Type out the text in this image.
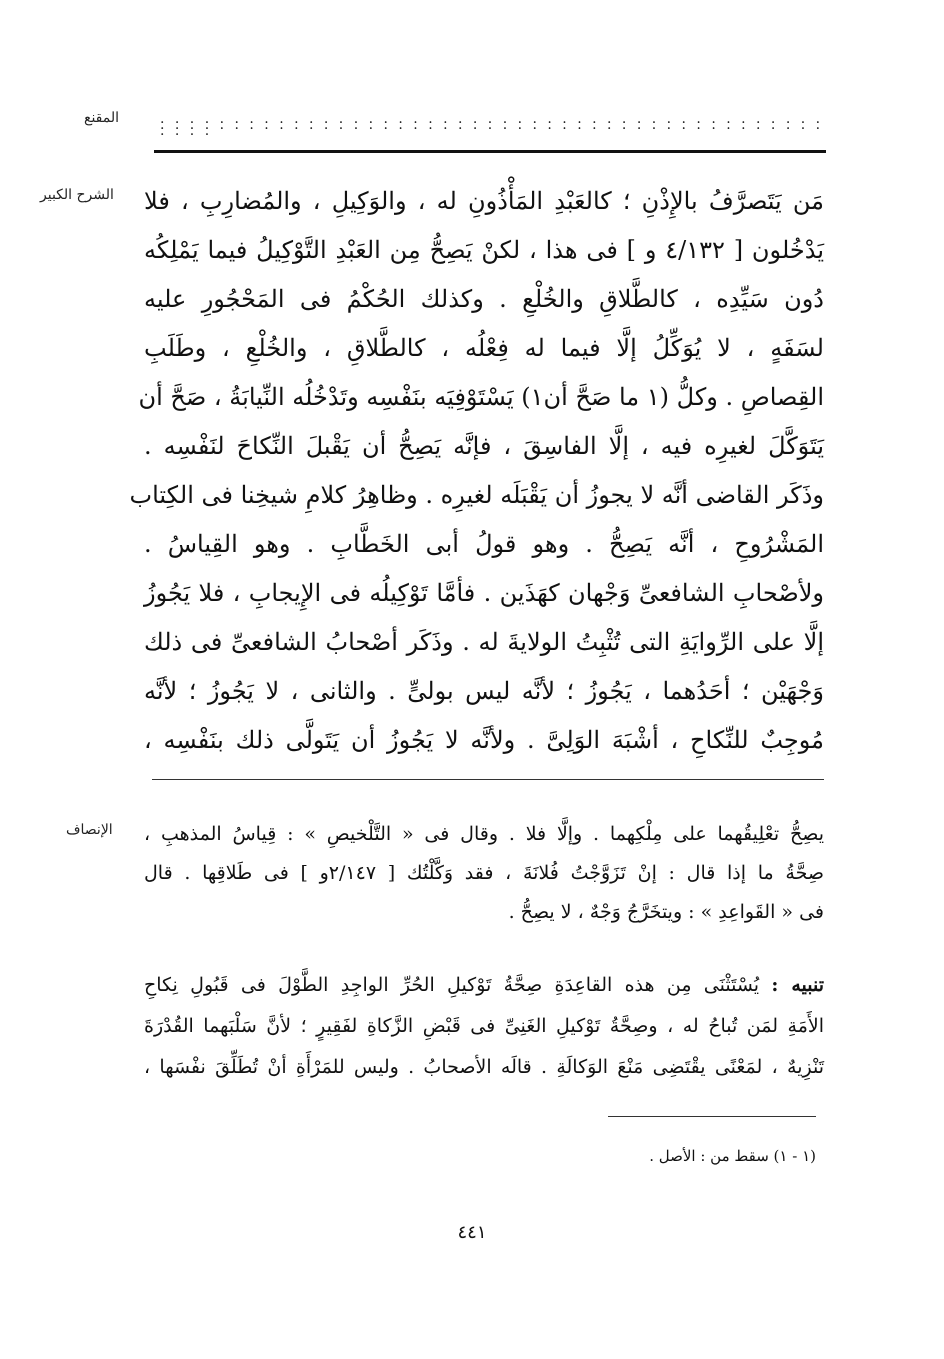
المقنع	. . . . . . . . . . . . . . . . . . . . . . . . . . . . . . . . . . . . . . . . . . . . . . . . . . . . . . . . . . . . . . . . . . . . . . . . . . . . . . . . . . . . . . . . . . . . . .
الشرح الكبير مَن يَتَصرَّفُ بالإِذْنِ ؛ كالعَبْدِ المَأْذُونِ له ، والوَكِيلِ ، والمُضارِبِ ، فلا
يَدْخُلون [ ٤/١٣٢ و ] فى هذا ، لكنْ يَصِحُّ مِن العَبْدِ التَّوْكِيلُ فيما يَمْلِكُه
دُون سَيِّدِه ، كالطَّلاقِ والخُلْعِ . وكذلك الحُكْمُ فى المَحْجُورِ عليه
لسَفَهٍ ، لا يُوَكِّلُ إلَّا فيما له فِعْلُه ، كالطَّلاقِ ، والخُلْعِ ، وطَلَبِ
القِصاصِ . وكلُّ (١ ما صَحَّ أن١) يَسْتَوْفِيَه بنَفْسِه وتَدْخُلُه النِّيابَةُ ، صَحَّ أن
يَتَوَكَّلَ لغيرِه فيه ، إلَّا الفاسِقَ ، فإنَّه يَصِحُّ أن يَقْبلَ النِّكاحَ لنَفْسِه .
وذَكَر القاضى أنَّه لا يجوزُ أن يَقْبَلَه لغيرِه . وظاهِرُ كلامِ شيخِنا فى الكِتاب
المَشْرُوحِ ، أنَّه يَصِحُّ . وهو قولُ أبى الخَطَّابِ . وهو القِياسُ .
ولأصْحابِ الشافعىِّ وَجْهان كهَذَين . فأمَّا تَوْكِيلُه فى الإِيجابِ ، فلا يَجُوزُ
إلَّا على الرِّوايَةِ التى تُثْبِتُ الولايةَ له . وذَكَر أصْحابُ الشافعىِّ فى ذلك
وَجْهَيْن ؛ أحَدُهما ، يَجُوزُ ؛ لأنَّه ليس بولىٍّ . والثانى ، لا يَجُوزُ ؛ لأنَّه
مُوجِبٌ للنِّكاحِ ، أشْبَهَ الوَلِىَّ . ولأنَّه لا يَجُوزُ أن يَتَولَّى ذلك بنَفْسِه ،
الإنصاف يصِحُّ تعْلِيقُهما على مِلْكِهما . وإلَّا فلا . وقال فى « التَّلْخيصِ » : قِياسُ المذهبِ ،
صِحَّةُ ما إذا قال : إنْ تَزَوَّجْتُ فُلانَةَ ، فقد وَكَّلْتُك [ ٢/١٤٧و ] فى طَلاقِها . قال
فى « القَواعِدِ » : ويتخَرَّجُ وَجْهٌ ، لا يصِحُّ .
تنبيه : يُسْتَثْنَى مِن هذه القاعِدَةِ صِحَّةُ تَوْكيلِ الحُرِّ الواجِدِ الطَّوْلَ فى قَبُولِ نِكاحِ
الأَمَةِ لمَن تُباحُ له ، وصِحَّةُ تَوْكيلِ الغَنِىِّ فى قَبْضِ الزَّكاةِ لفَقِيرٍ ؛ لأنَّ سَلْبَهما القُدْرَةَ
تَنْزِيهٌ ، لمَعْنًى يقْتَضِى مَنْعَ الوَكالَةِ . قالَه الأصحابُ . وليس للمَرْأَةِ أنْ تُطَلِّقَ نفْسَها ،
(١ - ١) سقط من : الأصل .
٤٤١
